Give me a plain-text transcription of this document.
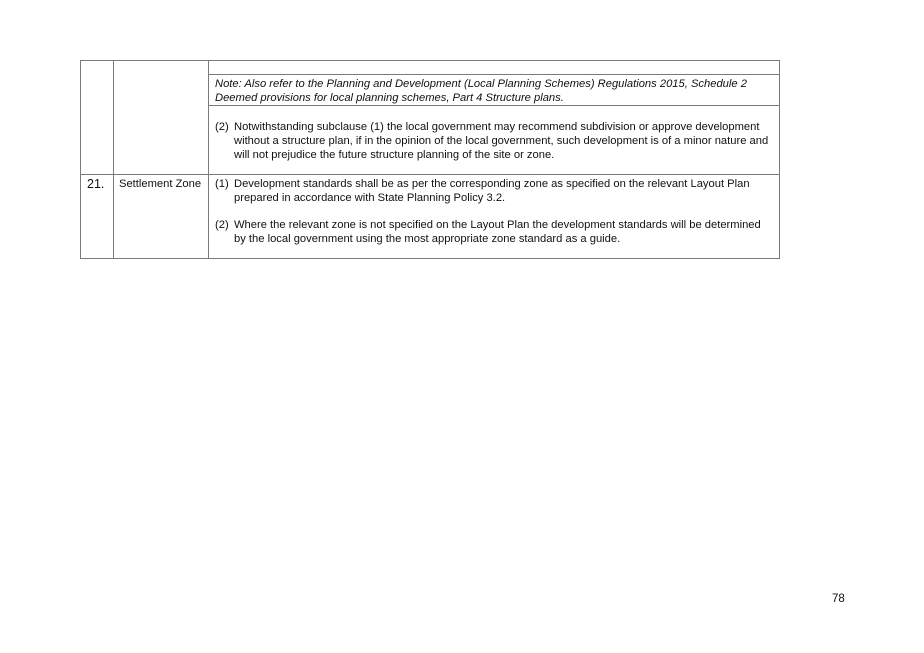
Note: Also refer to the Planning and Development (Local Planning Schemes) Regulations 2015, Schedule 2 Deemed provisions for local planning schemes, Part 4 Structure plans.
(2) Notwithstanding subclause (1) the local government may recommend subdivision or approve development without a structure plan, if in the opinion of the local government, such development is of a minor nature and will not prejudice the future structure planning of the site or zone.
21. Settlement Zone (1) Development standards shall be as per the corresponding zone as specified on the relevant Layout Plan prepared in accordance with State Planning Policy 3.2.
(2) Where the relevant zone is not specified on the Layout Plan the development standards will be determined by the local government using the most appropriate zone standard as a guide.
78
